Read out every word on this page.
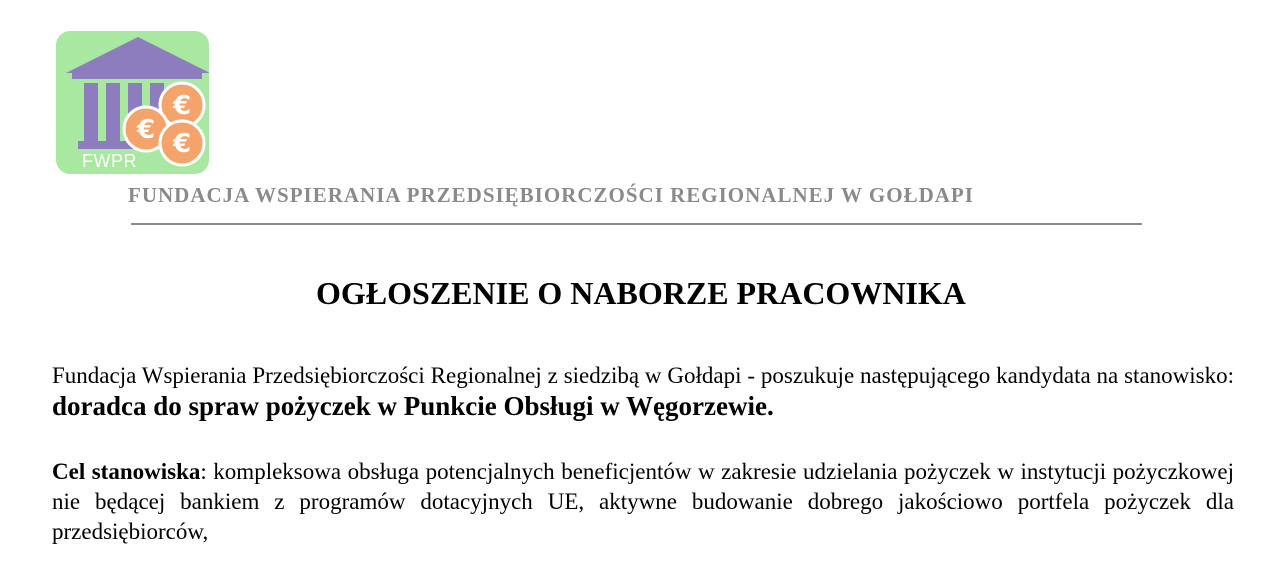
€
€ €
FWPR
FUNDACJA WSPIERANIA PRZEDSIĘBIORCZOŚCI REGIONALNEJ W GOŁDAPI
OGŁOSZENIE O NABORZE PRACOWNIKA

Fundacja Wspierania Przedsiębiorczości Regionalnej z siedzibą w Gołdapi - poszukuje następującego kandydata na stanowisko: doradca do spraw pożyczek w Punkcie Obsługi w Węgorzewie.

Cel stanowiska: kompleksowa obsługa potencjalnych beneficjentów w zakresie udzielania pożyczek w instytucji pożyczkowej nie będącej bankiem z programów dotacyjnych UE, aktywne budowanie dobrego jakościowo portfela pożyczek dla przedsiębiorców,
